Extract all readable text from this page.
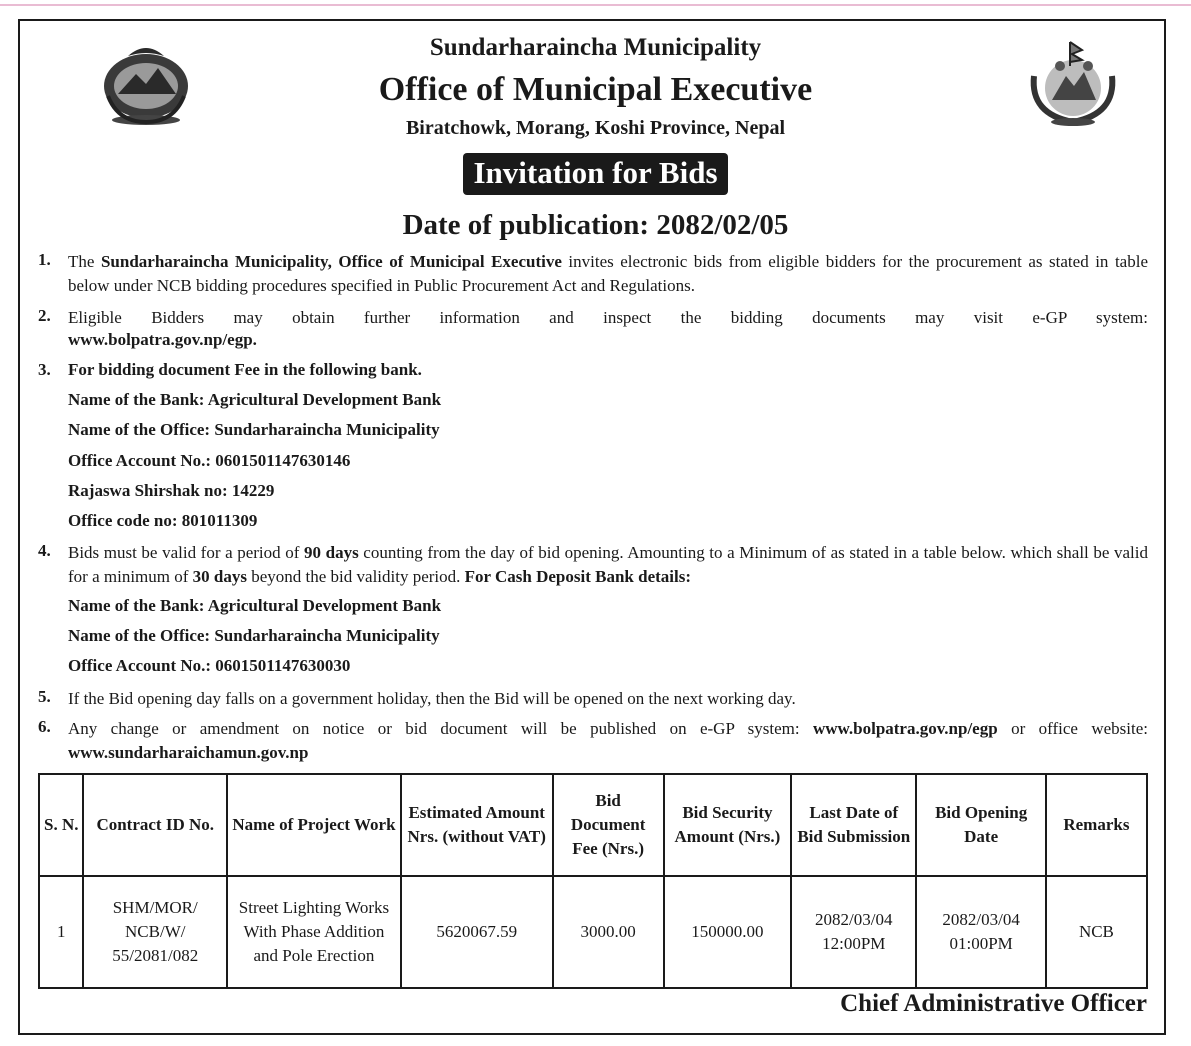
Sundarharaincha Municipality
Office of Municipal Executive
Biratchowk, Morang, Koshi Province, Nepal
Invitation for Bids
Date of publication: 2082/02/05
1. The Sundarharaincha Municipality, Office of Municipal Executive invites electronic bids from eligible bidders for the procurement as stated in table below under NCB bidding procedures specified in Public Procurement Act and Regulations.
2. Eligible Bidders may obtain further information and inspect the bidding documents may visit e-GP system:
www.bolpatra.gov.np/egp.
3. For bidding document Fee in the following bank.
Name of the Bank: Agricultural Development Bank
Name of the Office: Sundarharaincha Municipality
Office Account No.: 0601501147630146
Rajaswa Shirshak no: 14229
Office code no: 801011309
4. Bids must be valid for a period of 90 days counting from the day of bid opening. Amounting to a Minimum of as stated in a table below. which shall be valid for a minimum of 30 days beyond the bid validity period. For Cash Deposit Bank details:
Name of the Bank: Agricultural Development Bank
Name of the Office: Sundarharaincha Municipality
Office Account No.: 0601501147630030
5. If the Bid opening day falls on a government holiday, then the Bid will be opened on the next working day.
6. Any change or amendment on notice or bid document will be published on e-GP system: www.bolpatra.gov.np/egp or office website: www.sundarharaichamun.gov.np
S. N.	Contract ID No.	Name of Project Work	Estimated Amount Nrs. (without VAT)	Bid Document Fee (Nrs.)	Bid Security Amount (Nrs.)	Last Date of Bid Submission	Bid Opening Date	Remarks
1	SHM/MOR/ NCB/W/ 55/2081/082	Street Lighting Works With Phase Addition and Pole Erection	5620067.59	3000.00	150000.00	2082/03/04 12:00PM	2082/03/04 01:00PM	NCB
Chief Administrative Officer
